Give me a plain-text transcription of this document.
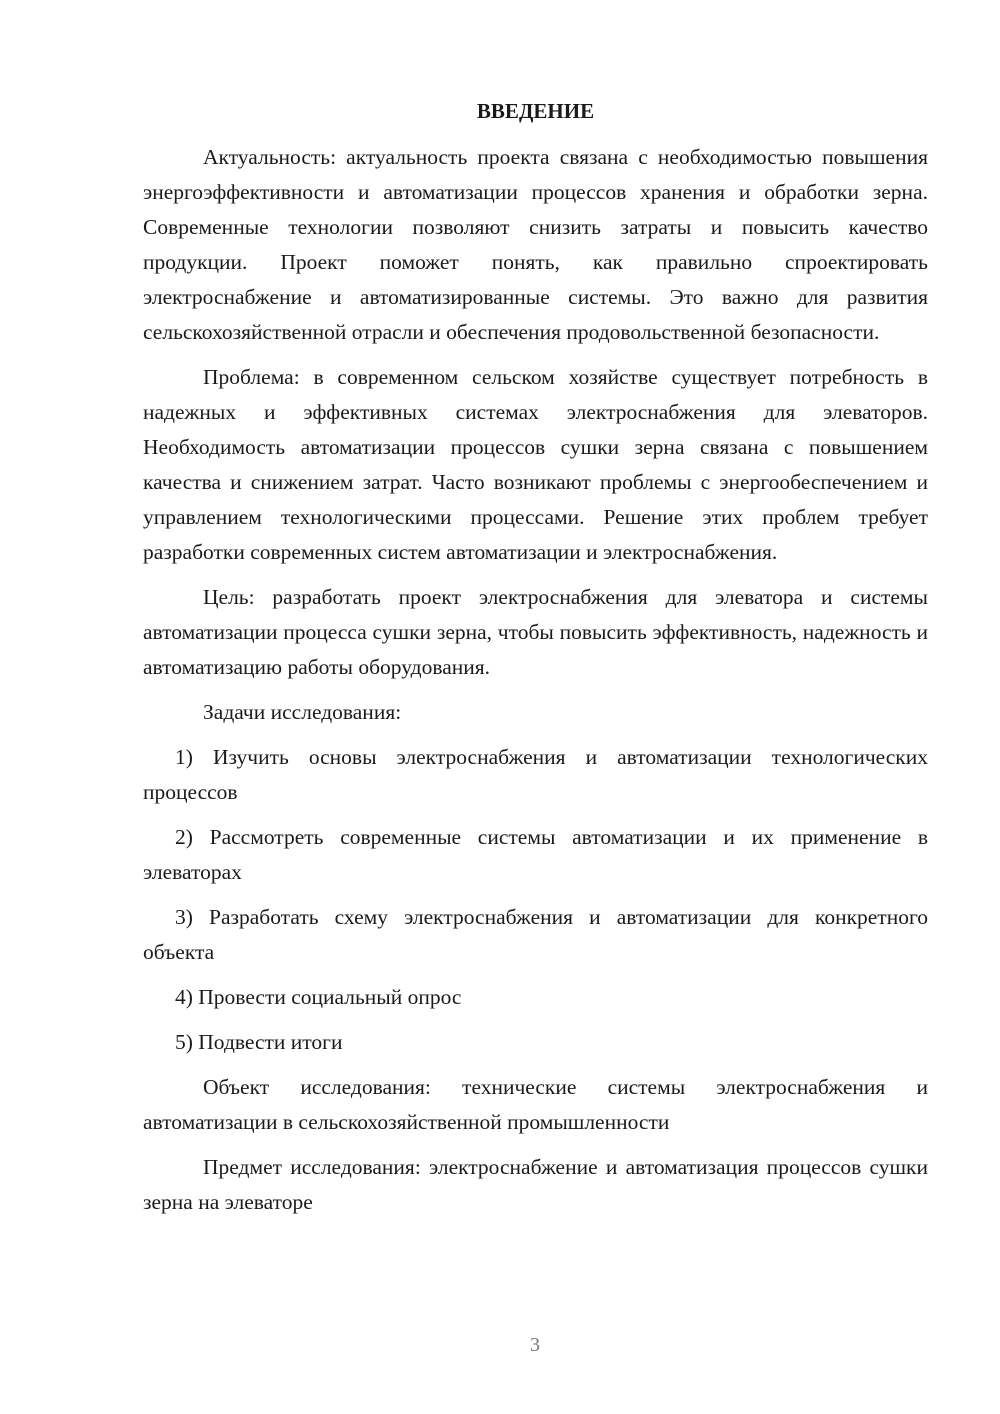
ВВЕДЕНИЕ

Актуальность: актуальность проекта связана с необходимостью повышения энергоэффективности и автоматизации процессов хранения и обработки зерна. Современные технологии позволяют снизить затраты и повысить качество продукции. Проект поможет понять, как правильно спроектировать электроснабжение и автоматизированные системы. Это важно для развития сельскохозяйственной отрасли и обеспечения продовольственной безопасности.

Проблема: в современном сельском хозяйстве существует потребность в надежных и эффективных системах электроснабжения для элеваторов. Необходимость автоматизации процессов сушки зерна связана с повышением качества и снижением затрат. Часто возникают проблемы с энергообеспечением и управлением технологическими процессами. Решение этих проблем требует разработки современных систем автоматизации и электроснабжения.

Цель: разработать проект электроснабжения для элеватора и системы автоматизации процесса сушки зерна, чтобы повысить эффективность, надежность и автоматизацию работы оборудования.

Задачи исследования:

1) Изучить основы электроснабжения и автоматизации технологических процессов

2) Рассмотреть современные системы автоматизации и их применение в элеваторах

3) Разработать схему электроснабжения и автоматизации для конкретного объекта

4) Провести социальный опрос

5) Подвести итоги

Объект исследования: технические системы электроснабжения и автоматизации в сельскохозяйственной промышленности

Предмет исследования: электроснабжение и автоматизация процессов сушки зерна на элеваторе

3
